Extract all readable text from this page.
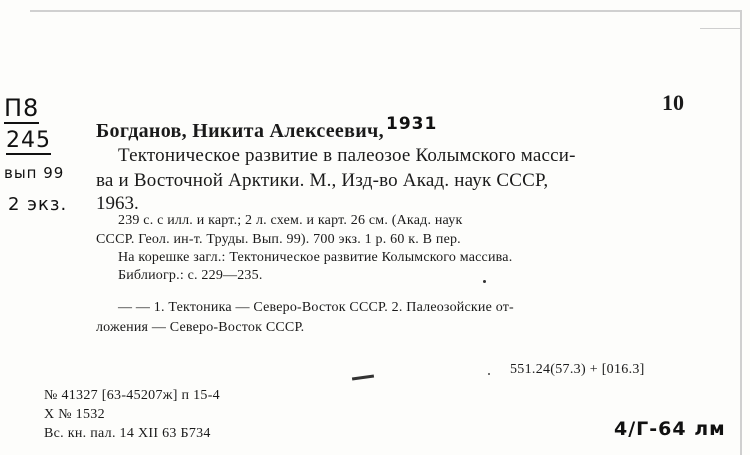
П8
245
вып 99
2 экз.
10
Богданов, Никита Алексеевич, 1931
Тектоническое развитие в палеозое Колымского масси-
ва и Восточной Арктики. М., Изд-во Акад. наук СССР,
1963.
239 с. с илл. и карт.; 2 л. схем. и карт. 26 см. (Акад. наук
СССР. Геол. ин-т. Труды. Вып. 99). 700 экз. 1 р. 60 к. В пер.
На корешке загл.: Тектоническое развитие Колымского массива.
Библиогр.: с. 229—235.
— — 1. Тектоника — Северо-Восток СССР. 2. Палеозойские от-
ложения — Северо-Восток СССР.
551.24(57.3) + [016.3]
№ 41327 [63-45207ж] п 15-4
Х № 1532
Вс. кн. пал. 14 XII 63 Б734	4/Г-64 лм
